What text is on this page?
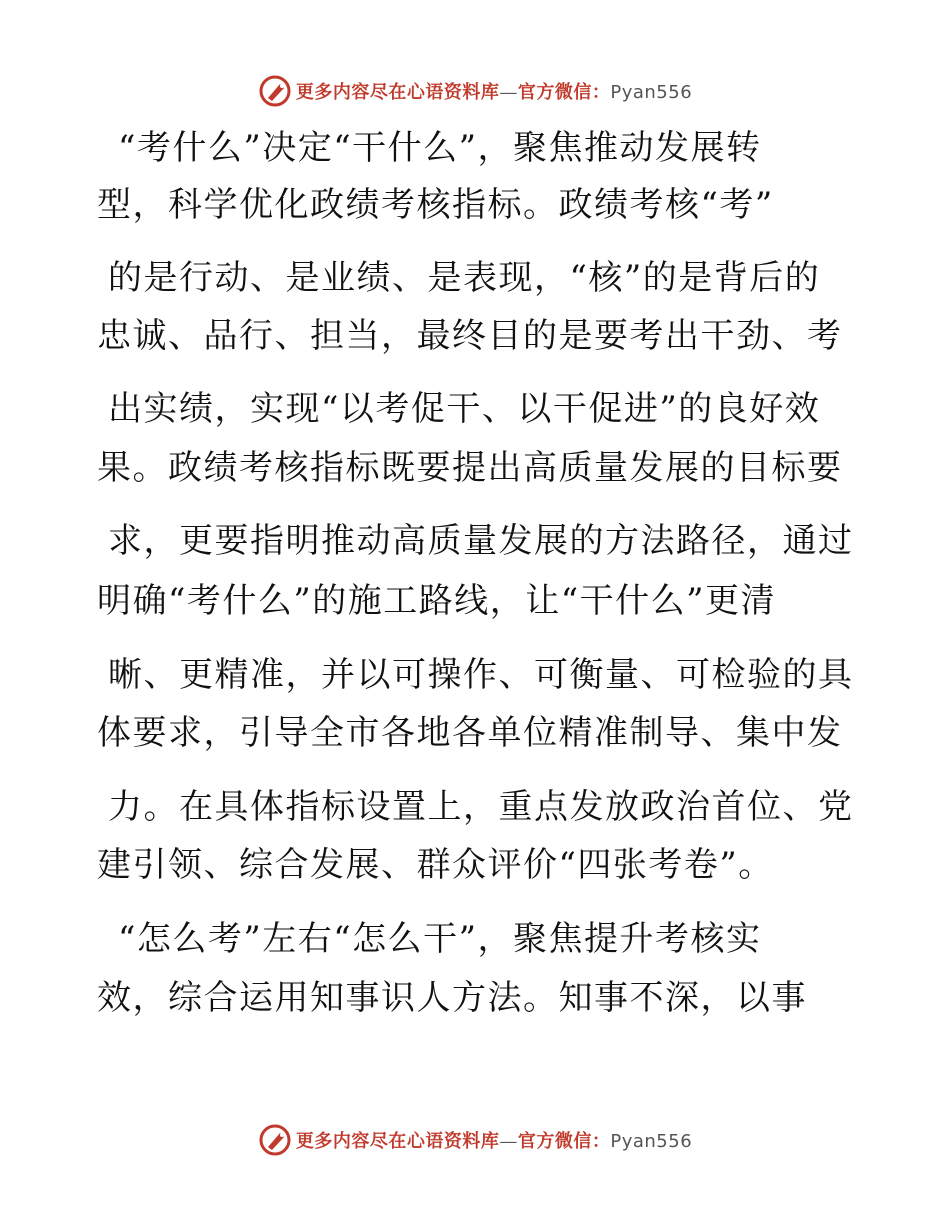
更多内容尽在心语资料库—官方微信：Pyan556
“考什么”决定“干什么”，聚焦推动发展转
型，科学优化政绩考核指标。政绩考核“考”
的是行动、是业绩、是表现，“核”的是背后的
忠诚、品行、担当，最终目的是要考出干劲、考
出实绩，实现“以考促干、以干促进”的良好效
果。政绩考核指标既要提出高质量发展的目标要
求，更要指明推动高质量发展的方法路径，通过
明确“考什么”的施工路线，让“干什么”更清
晰、更精准，并以可操作、可衡量、可检验的具
体要求，引导全市各地各单位精准制导、集中发
力。在具体指标设置上，重点发放政治首位、党
建引领、综合发展、群众评价“四张考卷”。
“怎么考”左右“怎么干”，聚焦提升考核实
效，综合运用知事识人方法。知事不深，以事
更多内容尽在心语资料库—官方微信：Pyan556
